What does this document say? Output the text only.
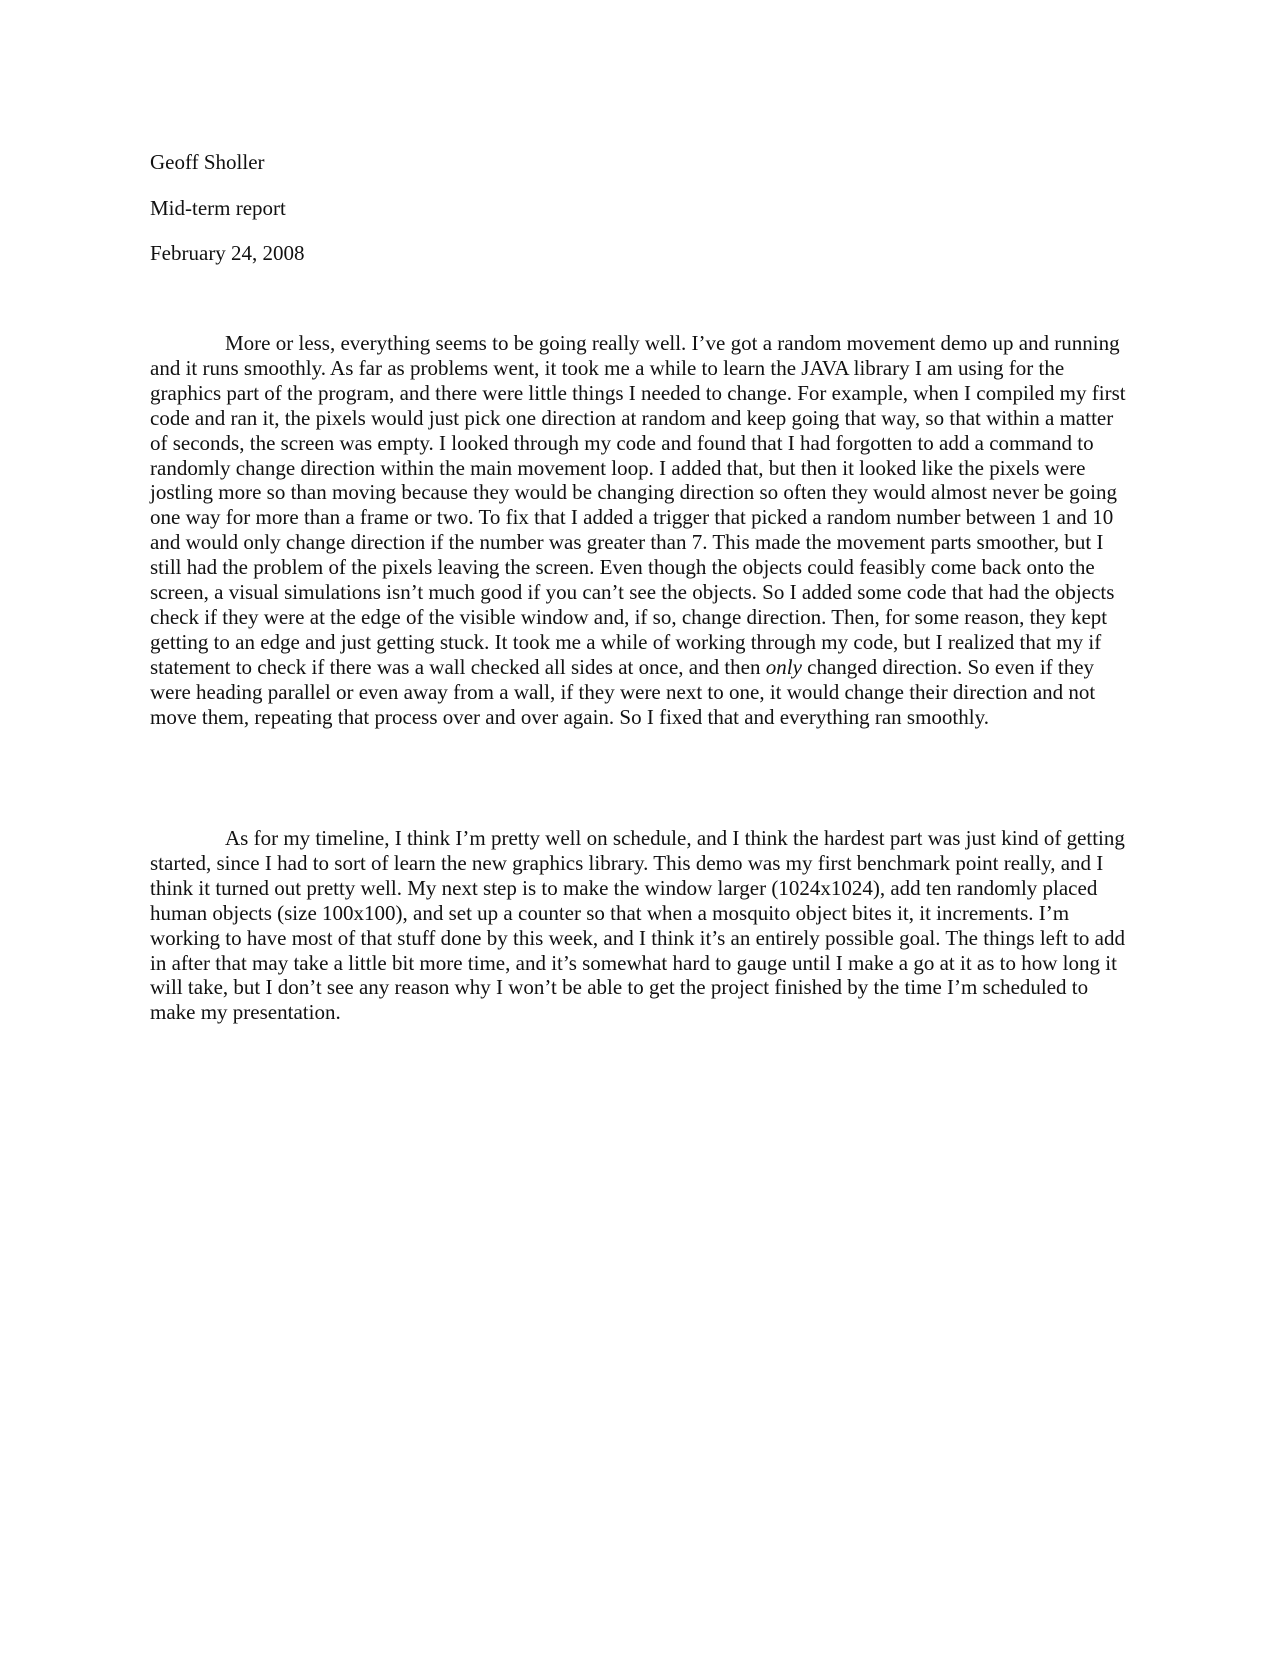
Geoff Sholler
Mid-term report
February 24, 2008

More or less, everything seems to be going really well. I’ve got a random movement demo up and running and it runs smoothly. As far as problems went, it took me a while to learn the JAVA library I am using for the graphics part of the program, and there were little things I needed to change. For example, when I compiled my first code and ran it, the pixels would just pick one direction at random and keep going that way, so that within a matter of seconds, the screen was empty. I looked through my code and found that I had forgotten to add a command to randomly change direction within the main movement loop. I added that, but then it looked like the pixels were jostling more so than moving because they would be changing direction so often they would almost never be going one way for more than a frame or two. To fix that I added a trigger that picked a random number between 1 and 10 and would only change direction if the number was greater than 7. This made the movement parts smoother, but I still had the problem of the pixels leaving the screen. Even though the objects could feasibly come back onto the screen, a visual simulations isn’t much good if you can’t see the objects. So I added some code that had the objects check if they were at the edge of the visible window and, if so, change direction. Then, for some reason, they kept getting to an edge and just getting stuck. It took me a while of working through my code, but I realized that my if statement to check if there was a wall checked all sides at once, and then only changed direction. So even if they were heading parallel or even away from a wall, if they were next to one, it would change their direction and not move them, repeating that process over and over again. So I fixed that and everything ran smoothly.

As for my timeline, I think I’m pretty well on schedule, and I think the hardest part was just kind of getting started, since I had to sort of learn the new graphics library. This demo was my first benchmark point really, and I think it turned out pretty well. My next step is to make the window larger (1024x1024), add ten randomly placed human objects (size 100x100), and set up a counter so that when a mosquito object bites it, it increments. I’m working to have most of that stuff done by this week, and I think it’s an entirely possible goal. The things left to add in after that may take a little bit more time, and it’s somewhat hard to gauge until I make a go at it as to how long it will take, but I don’t see any reason why I won’t be able to get the project finished by the time I’m scheduled to make my presentation.
